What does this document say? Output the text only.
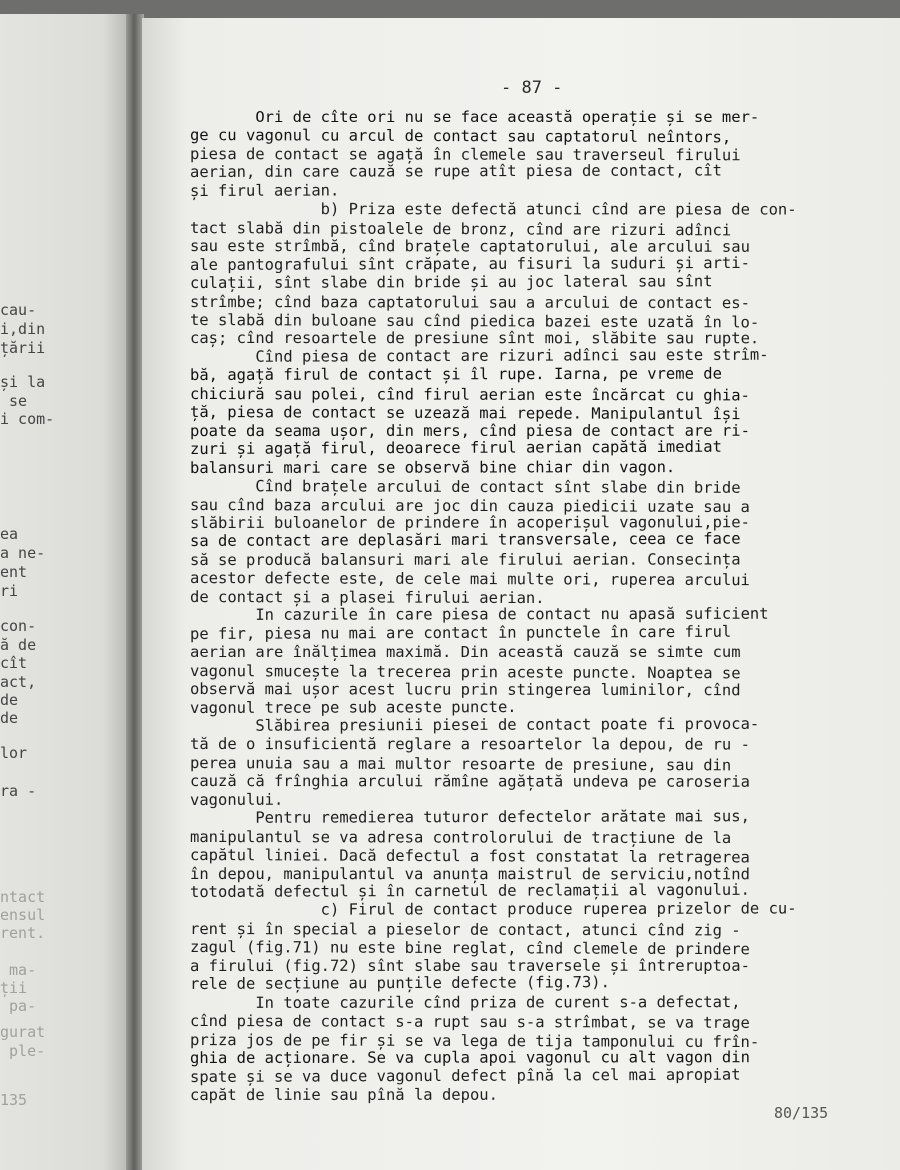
cau-
i,din
țării
și la
se
i com-
ea
a ne-
ent
ri
con-
ă de
cît
act,
de
de
lor
ra -
ntact
ensul
rent.
ma-
ții
pa-
gurat
ple-
135
- 87 -
Ori de cîte ori nu se face această operație și se mer-
ge cu vagonul cu arcul de contact sau captatorul neîntors,
piesa de contact se agață în clemele sau traverseul firului
aerian, din care cauză se rupe atît piesa de contact, cît
și firul aerian.
b) Priza este defectă atunci cînd are piesa de con-
tact slabă din pistoalele de bronz, cînd are rizuri adînci
sau este strîmbă, cînd brațele captatorului, ale arcului sau
ale pantografului sînt crăpate, au fisuri la suduri și arti-
culații, sînt slabe din bride și au joc lateral sau sînt
strîmbe; cînd baza captatorului sau a arcului de contact es-
te slabă din buloane sau cînd piedica bazei este uzată în lo-
caș; cînd resoartele de presiune sînt moi, slăbite sau rupte.
Cînd piesa de contact are rizuri adînci sau este strîm-
bă, agață firul de contact și îl rupe. Iarna, pe vreme de
chiciură sau polei, cînd firul aerian este încărcat cu ghia-
ță, piesa de contact se uzează mai repede. Manipulantul își
poate da seama ușor, din mers, cînd piesa de contact are ri-
zuri și agață firul, deoarece firul aerian capătă imediat
balansuri mari care se observă bine chiar din vagon.
Cînd brațele arcului de contact sînt slabe din bride
sau cînd baza arcului are joc din cauza piedicii uzate sau a
slăbirii buloanelor de prindere în acoperișul vagonului,pie-
sa de contact are deplasări mari transversale, ceea ce face
să se producă balansuri mari ale firului aerian. Consecința
acestor defecte este, de cele mai multe ori, ruperea arcului
de contact și a plasei firului aerian.
In cazurile în care piesa de contact nu apasă suficient
pe fir, piesa nu mai are contact în punctele în care firul
aerian are înălțimea maximă. Din această cauză se simte cum
vagonul smucește la trecerea prin aceste puncte. Noaptea se
observă mai ușor acest lucru prin stingerea luminilor, cînd
vagonul trece pe sub aceste puncte.
Slăbirea presiunii piesei de contact poate fi provoca-
tă de o insuficientă reglare a resoartelor la depou, de ru -
perea unuia sau a mai multor resoarte de presiune, sau din
cauză că frînghia arcului rămîne agățată undeva pe caroseria
vagonului.
Pentru remedierea tuturor defectelor arătate mai sus,
manipulantul se va adresa controlorului de tracțiune de la
capătul liniei. Dacă defectul a fost constatat la retragerea
în depou, manipulantul va anunța maistrul de serviciu,notînd
totodată defectul și în carnetul de reclamații al vagonului.
c) Firul de contact produce ruperea prizelor de cu-
rent și în special a pieselor de contact, atunci cînd zig -
zagul (fig.71) nu este bine reglat, cînd clemele de prindere
a firului (fig.72) sînt slabe sau traversele și întreruptoa-
rele de secțiune au punțile defecte (fig.73).
In toate cazurile cînd priza de curent s-a defectat,
cînd piesa de contact s-a rupt sau s-a strîmbat, se va trage
priza jos de pe fir și se va lega de tija tamponului cu frîn-
ghia de acționare. Se va cupla apoi vagonul cu alt vagon din
spate și se va duce vagonul defect pînă la cel mai apropiat
capăt de linie sau pînă la depou.
80/135
